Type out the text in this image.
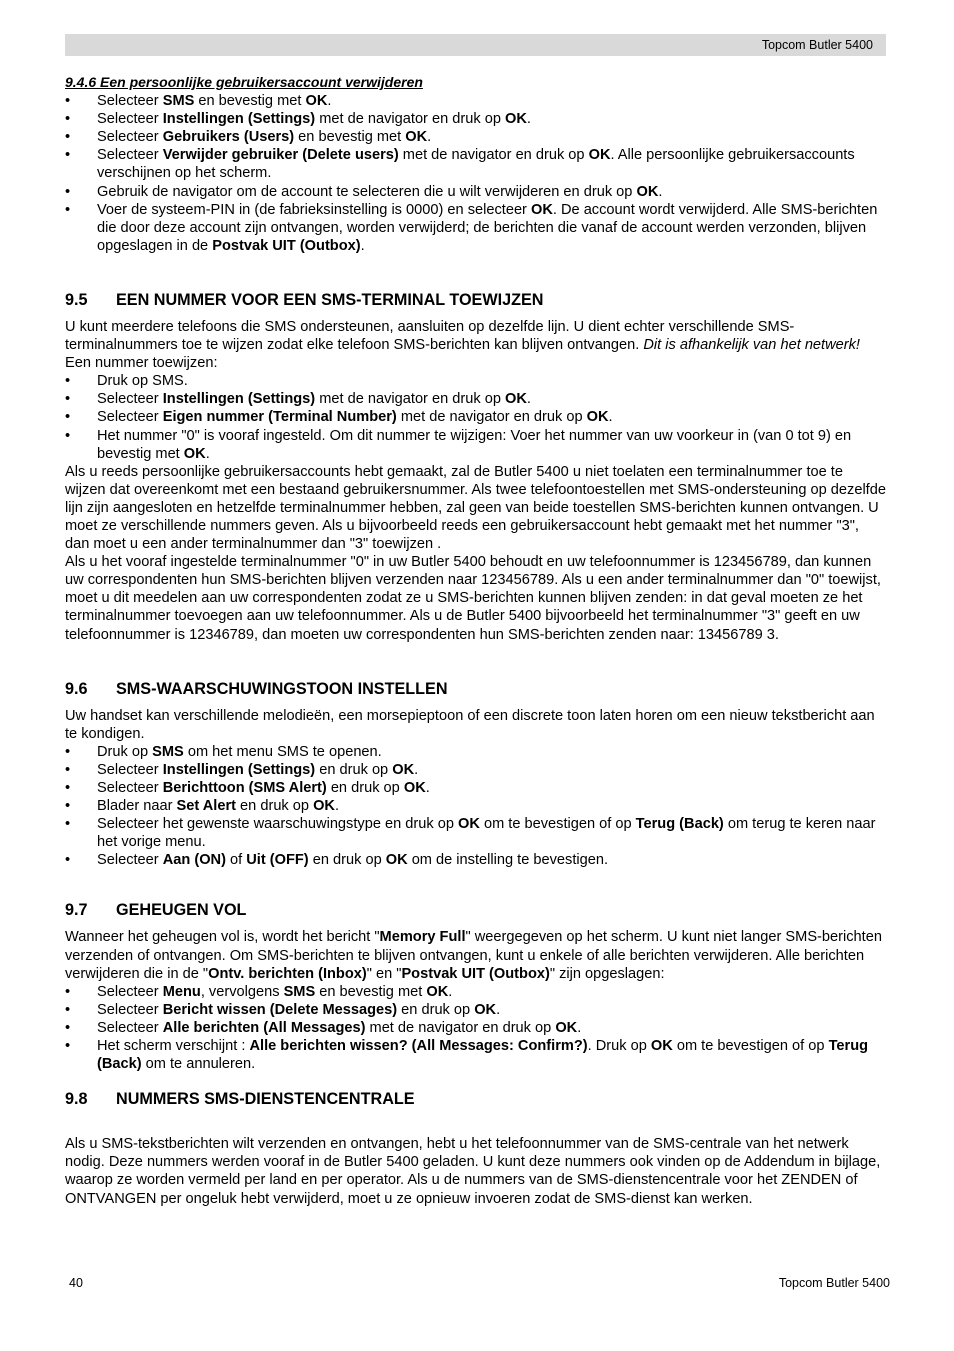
Topcom Butler 5400

9.4.6 Een persoonlijke gebruikersaccount verwijderen

• Selecteer SMS en bevestig met OK.
• Selecteer Instellingen (Settings) met de navigator en druk op OK.
• Selecteer Gebruikers (Users) en bevestig met OK.
• Selecteer Verwijder gebruiker (Delete users) met de navigator en druk op OK. Alle persoonlijke gebruikersaccounts verschijnen op het scherm.
• Gebruik de navigator om de account te selecteren die u wilt verwijderen en druk op OK.
• Voer de systeem-PIN in (de fabrieksinstelling is 0000) en selecteer OK. De account wordt verwijderd. Alle SMS-berichten die door deze account zijn ontvangen, worden verwijderd; de berichten die vanaf de account werden verzonden, blijven opgeslagen in de Postvak UIT (Outbox).
9.5 EEN NUMMER VOOR EEN SMS-TERMINAL TOEWIJZEN

U kunt meerdere telefoons die SMS ondersteunen, aansluiten op dezelfde lijn. U dient echter verschillende SMS-terminalnummers toe te wijzen zodat elke telefoon SMS-berichten kan blijven ontvangen. Dit is afhankelijk van het netwerk! Een nummer toewijzen:

• Druk op SMS.
• Selecteer Instellingen (Settings) met de navigator en druk op OK.
• Selecteer Eigen nummer (Terminal Number) met de navigator en druk op OK.
• Het nummer "0" is vooraf ingesteld. Om dit nummer te wijzigen: Voer het nummer van uw voorkeur in (van 0 tot 9) en bevestig met OK.

Als u reeds persoonlijke gebruikersaccounts hebt gemaakt, zal de Butler 5400 u niet toelaten een terminalnummer toe te wijzen dat overeenkomt met een bestaand gebruikersnummer. Als twee telefoontoestellen met SMS-ondersteuning op dezelfde lijn zijn aangesloten en hetzelfde terminalnummer hebben, zal geen van beide toestellen SMS-berichten kunnen ontvangen. U moet ze verschillende nummers geven. Als u bijvoorbeeld reeds een gebruikersaccount hebt gemaakt met het nummer "3", dan moet u een ander terminalnummer dan "3" toewijzen .

Als u het vooraf ingestelde terminalnummer "0" in uw Butler 5400 behoudt en uw telefoonnummer is 123456789, dan kunnen uw correspondenten hun SMS-berichten blijven verzenden naar 123456789. Als u een ander terminalnummer dan "0" toewijst, moet u dit meedelen aan uw correspondenten zodat ze u SMS-berichten kunnen blijven zenden: in dat geval moeten ze het terminalnummer toevoegen aan uw telefoonnummer. Als u de Butler 5400 bijvoorbeeld het terminalnummer "3" geeft en uw telefoonnummer is 12346789, dan moeten uw correspondenten hun SMS-berichten zenden naar: 13456789 3.

9.6 SMS-WAARSCHUWINGSTOON INSTELLEN

Uw handset kan verschillende melodieën, een morsepieptoon of een discrete toon laten horen om een nieuw tekstbericht aan te kondigen.

• Druk op SMS om het menu SMS te openen.
• Selecteer Instellingen (Settings) en druk op OK.
• Selecteer Berichttoon (SMS Alert) en druk op OK.
• Blader naar Set Alert en druk op OK.
• Selecteer het gewenste waarschuwingstype en druk op OK om te bevestigen of op Terug (Back) om terug te keren naar het vorige menu.
• Selecteer Aan (ON) of Uit (OFF) en druk op OK om de instelling te bevestigen.
9.7 GEHEUGEN VOL

Wanneer het geheugen vol is, wordt het bericht "Memory Full" weergegeven op het scherm. U kunt niet langer SMS-berichten verzenden of ontvangen. Om SMS-berichten te blijven ontvangen, kunt u enkele of alle berichten verwijderen. Alle berichten verwijderen die in de "Ontv. berichten (Inbox)" en "Postvak UIT (Outbox)" zijn opgeslagen:

• Selecteer Menu, vervolgens SMS en bevestig met OK.
• Selecteer Bericht wissen (Delete Messages) en druk op OK.
• Selecteer Alle berichten (All Messages) met de navigator en druk op OK.
• Het scherm verschijnt : Alle berichten wissen? (All Messages: Confirm?). Druk op OK om te bevestigen of op Terug (Back) om te annuleren.
9.8 NUMMERS SMS-DIENSTENCENTRALE

Als u SMS-tekstberichten wilt verzenden en ontvangen, hebt u het telefoonnummer van de SMS-centrale van het netwerk nodig. Deze nummers werden vooraf in de Butler 5400 geladen. U kunt deze nummers ook vinden op de Addendum in bijlage, waarop ze worden vermeld per land en per operator. Als u de nummers van de SMS-dienstencentrale voor het ZENDEN of ONTVANGEN per ongeluk hebt verwijderd, moet u ze opnieuw invoeren zodat de SMS-dienst kan werken.

40	Topcom Butler 5400
